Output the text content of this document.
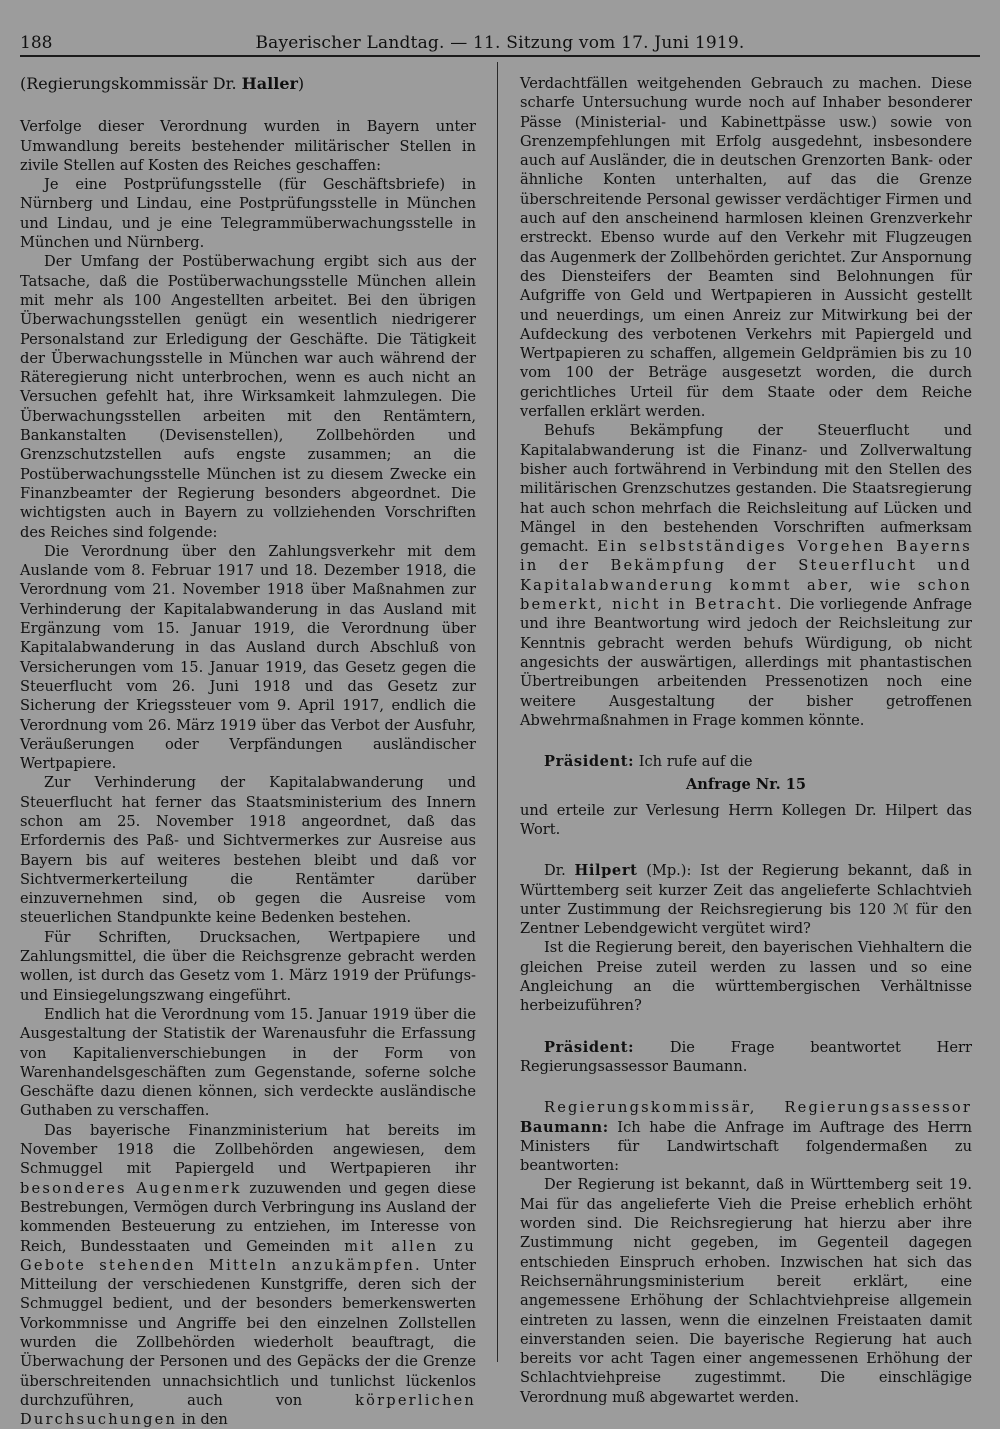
188	Bayerischer Landtag. — 11. Sitzung vom 17. Juni 1919.

(Regierungskommissär Dr. Haller)

Verfolge dieser Verordnung wurden in Bayern unter Umwandlung bereits bestehender militärischer Stellen in zivile Stellen auf Kosten des Reiches geschaffen:

Je eine Postprüfungsstelle (für Geschäftsbriefe) in Nürnberg und Lindau, eine Postprüfungsstelle in München und Lindau, und je eine Telegrammüberwachungsstelle in München und Nürnberg.

Der Umfang der Postüberwachung ergibt sich aus der Tatsache, daß die Postüberwachungsstelle München allein mit mehr als 100 Angestellten arbeitet. Bei den übrigen Überwachungsstellen genügt ein wesentlich niedrigerer Personalstand zur Erledigung der Geschäfte. Die Tätigkeit der Überwachungsstelle in München war auch während der Räteregierung nicht unterbrochen, wenn es auch nicht an Versuchen gefehlt hat, ihre Wirksamkeit lahmzulegen. Die Überwachungsstellen arbeiten mit den Rentämtern, Bankanstalten (Devisenstellen), Zollbehörden und Grenzschutzstellen aufs engste zusammen; an die Postüberwachungsstelle München ist zu diesem Zwecke ein Finanzbeamter der Regierung besonders abgeordnet. Die wichtigsten auch in Bayern zu vollziehenden Vorschriften des Reiches sind folgende:

Die Verordnung über den Zahlungsverkehr mit dem Auslande vom 8. Februar 1917 und 18. Dezember 1918, die Verordnung vom 21. November 1918 über Maßnahmen zur Verhinderung der Kapitalabwanderung in das Ausland mit Ergänzung vom 15. Januar 1919, die Verordnung über Kapitalabwanderung in das Ausland durch Abschluß von Versicherungen vom 15. Januar 1919, das Gesetz gegen die Steuerflucht vom 26. Juni 1918 und das Gesetz zur Sicherung der Kriegssteuer vom 9. April 1917, endlich die Verordnung vom 26. März 1919 über das Verbot der Ausfuhr, Veräußerungen oder Verpfändungen ausländischer Wertpapiere.

Zur Verhinderung der Kapitalabwanderung und Steuerflucht hat ferner das Staatsministerium des Innern schon am 25. November 1918 angeordnet, daß das Erfordernis des Paß- und Sichtvermerkes zur Ausreise aus Bayern bis auf weiteres bestehen bleibt und daß vor Sichtvermerkerteilung die Rentämter darüber einzuvernehmen sind, ob gegen die Ausreise vom steuerlichen Standpunkte keine Bedenken bestehen.

Für Schriften, Drucksachen, Wertpapiere und Zahlungsmittel, die über die Reichsgrenze gebracht werden wollen, ist durch das Gesetz vom 1. März 1919 der Prüfungs- und Einsiegelungszwang eingeführt.

Endlich hat die Verordnung vom 15. Januar 1919 über die Ausgestaltung der Statistik der Warenausfuhr die Erfassung von Kapitalienverschiebungen in der Form von Warenhandelsgeschäften zum Gegenstande, soferne solche Geschäfte dazu dienen können, sich verdeckte ausländische Guthaben zu verschaffen.

Das bayerische Finanzministerium hat bereits im November 1918 die Zollbehörden angewiesen, dem Schmuggel mit Papiergeld und Wertpapieren ihr besonderes Augenmerk zuzuwenden und gegen diese Bestrebungen, Vermögen durch Verbringung ins Ausland der kommenden Besteuerung zu entziehen, im Interesse von Reich, Bundesstaaten und Gemeinden mit allen zu Gebote stehenden Mitteln anzukämpfen. Unter Mitteilung der verschiedenen Kunstgriffe, deren sich der Schmuggel bedient, und der besonders bemerkenswerten Vorkommnisse und Angriffe bei den einzelnen Zollstellen wurden die Zollbehörden wiederholt beauftragt, die Überwachung der Personen und des Gepäcks der die Grenze überschreitenden unnachsichtlich und tunlichst lückenlos durchzuführen, auch von körperlichen Durchsuchungen in den

Verdachtfällen weitgehenden Gebrauch zu machen. Diese scharfe Untersuchung wurde noch auf Inhaber besonderer Pässe (Ministerial- und Kabinettpässe usw.) sowie von Grenzempfehlungen mit Erfolg ausgedehnt, insbesondere auch auf Ausländer, die in deutschen Grenzorten Bank- oder ähnliche Konten unterhalten, auf das die Grenze überschreitende Personal gewisser verdächtiger Firmen und auch auf den anscheinend harmlosen kleinen Grenzverkehr erstreckt. Ebenso wurde auf den Verkehr mit Flugzeugen das Augenmerk der Zollbehörden gerichtet. Zur Anspornung des Diensteifers der Beamten sind Belohnungen für Aufgriffe von Geld und Wertpapieren in Aussicht gestellt und neuerdings, um einen Anreiz zur Mitwirkung bei der Aufdeckung des verbotenen Verkehrs mit Papiergeld und Wertpapieren zu schaffen, allgemein Geldprämien bis zu 10 vom 100 der Beträge ausgesetzt worden, die durch gerichtliches Urteil für dem Staate oder dem Reiche verfallen erklärt werden.

Behufs Bekämpfung der Steuerflucht und Kapitalabwanderung ist die Finanz- und Zollverwaltung bisher auch fortwährend in Verbindung mit den Stellen des militärischen Grenzschutzes gestanden. Die Staatsregierung hat auch schon mehrfach die Reichsleitung auf Lücken und Mängel in den bestehenden Vorschriften aufmerksam gemacht. Ein selbstständiges Vorgehen Bayerns in der Bekämpfung der Steuerflucht und Kapitalabwanderung kommt aber, wie schon bemerkt, nicht in Betracht. Die vorliegende Anfrage und ihre Beantwortung wird jedoch der Reichsleitung zur Kenntnis gebracht werden behufs Würdigung, ob nicht angesichts der auswärtigen, allerdings mit phantastischen Übertreibungen arbeitenden Pressenotizen noch eine weitere Ausgestaltung der bisher getroffenen Abwehrmaßnahmen in Frage kommen könnte.

Präsident: Ich rufe auf die

Anfrage Nr. 15

und erteile zur Verlesung Herrn Kollegen Dr. Hilpert das Wort.

Dr. Hilpert (Mp.): Ist der Regierung bekannt, daß in Württemberg seit kurzer Zeit das angelieferte Schlachtvieh unter Zustimmung der Reichsregierung bis 120 ℳ für den Zentner Lebendgewicht vergütet wird?

Ist die Regierung bereit, den bayerischen Viehhaltern die gleichen Preise zuteil werden zu lassen und so eine Angleichung an die württembergischen Verhältnisse herbeizuführen?

Präsident: Die Frage beantwortet Herr Regierungsassessor Baumann.

Regierungskommissär, Regierungsassessor Baumann: Ich habe die Anfrage im Auftrage des Herrn Ministers für Landwirtschaft folgendermaßen zu beantworten:

Der Regierung ist bekannt, daß in Württemberg seit 19. Mai für das angelieferte Vieh die Preise erheblich erhöht worden sind. Die Reichsregierung hat hierzu aber ihre Zustimmung nicht gegeben, im Gegenteil dagegen entschieden Einspruch erhoben. Inzwischen hat sich das Reichsernährungsministerium bereit erklärt, eine angemessene Erhöhung der Schlachtviehpreise allgemein eintreten zu lassen, wenn die einzelnen Freistaaten damit einverstanden seien. Die bayerische Regierung hat auch bereits vor acht Tagen einer angemessenen Erhöhung der Schlachtviehpreise zugestimmt. Die einschlägige Verordnung muß abgewartet werden.
